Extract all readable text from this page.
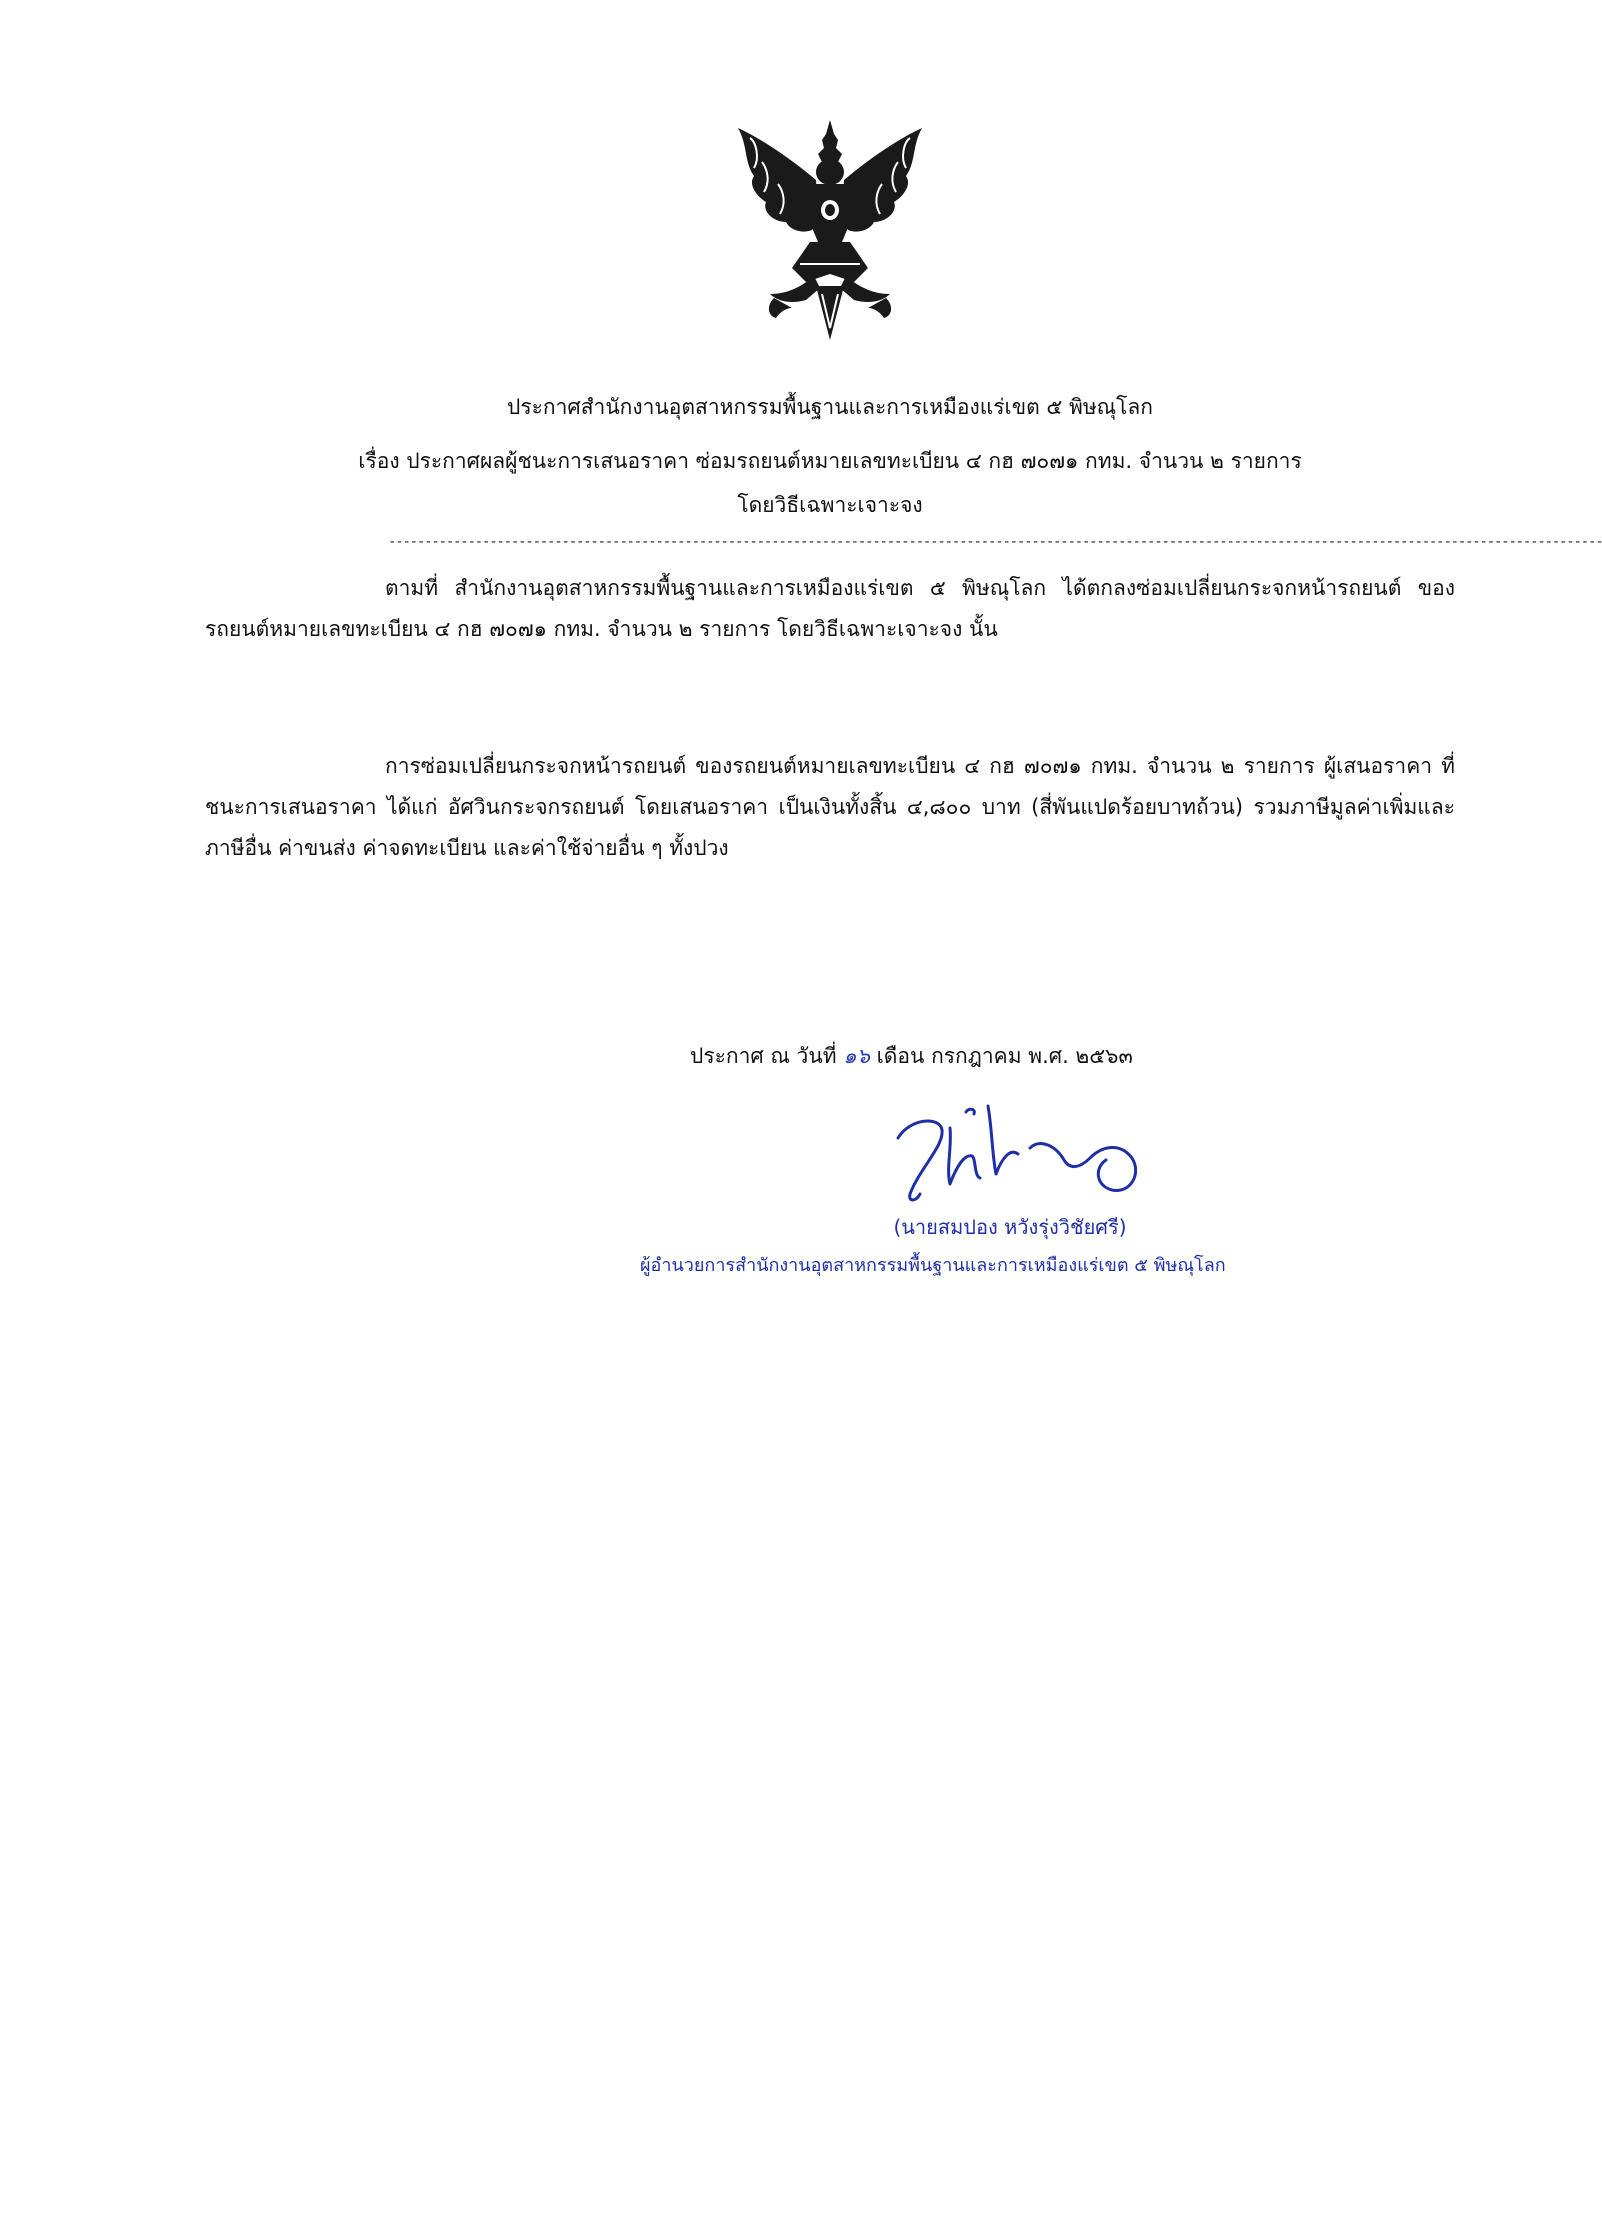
ประกาศสำนักงานอุตสาหกรรมพื้นฐานและการเหมืองแร่เขต ๕ พิษณุโลก
เรื่อง ประกาศผลผู้ชนะการเสนอราคา ซ่อมรถยนต์หมายเลขทะเบียน ๔ กฮ ๗๐๗๑ กทม. จำนวน ๒ รายการ
โดยวิธีเฉพาะเจาะจง
------------------------------------------------------------------------------------------------------------------------------------------------------------------------
ตามที่ สำนักงานอุตสาหกรรมพื้นฐานและการเหมืองแร่เขต ๕ พิษณุโลก ได้ตกลงซ่อมเปลี่ยนกระจกหน้ารถยนต์ ของรถยนต์หมายเลขทะเบียน ๔ กฮ ๗๐๗๑ กทม. จำนวน ๒ รายการ โดยวิธีเฉพาะเจาะจง นั้น
การซ่อมเปลี่ยนกระจกหน้ารถยนต์ ของรถยนต์หมายเลขทะเบียน ๔ กฮ ๗๐๗๑ กทม. จำนวน ๒ รายการ ผู้เสนอราคา ที่ชนะการเสนอราคา ได้แก่ อัศวินกระจกรถยนต์ โดยเสนอราคา เป็นเงินทั้งสิ้น ๔,๘๐๐ บาท (สี่พันแปดร้อยบาทถ้วน) รวมภาษีมูลค่าเพิ่มและภาษีอื่น ค่าขนส่ง ค่าจดทะเบียน และค่าใช้จ่ายอื่น ๆ ทั้งปวง
ประกาศ ณ วันที่ ๑๖ เดือน กรกฎาคม พ.ศ. ๒๕๖๓
(นายสมปอง หวังรุ่งวิชัยศรี)
ผู้อำนวยการสำนักงานอุตสาหกรรมพื้นฐานและการเหมืองแร่เขต ๕ พิษณุโลก
